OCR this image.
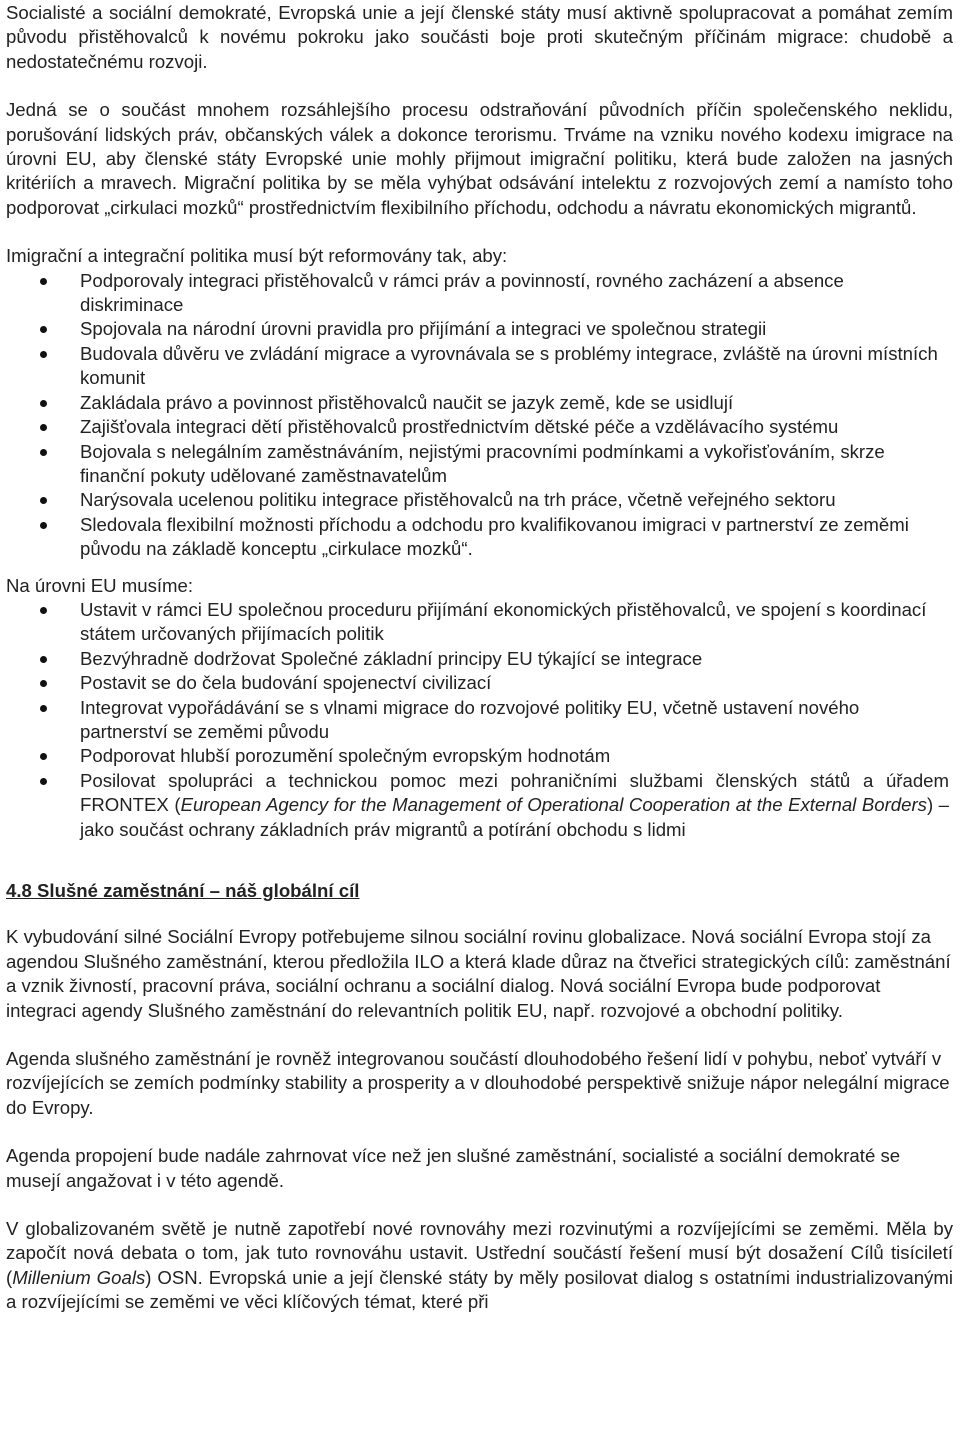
Socialisté a sociální demokraté, Evropská unie a její členské státy musí aktivně spolupracovat a pomáhat zemím původu přistěhovalců k novému pokroku jako součásti boje proti skutečným příčinám migrace: chudobě a nedostatečnému rozvoji.

Jedná se o součást mnohem rozsáhlejšího procesu odstraňování původních příčin společenského neklidu, porušování lidských práv, občanských válek a dokonce terorismu. Trváme na vzniku nového kodexu imigrace na úrovni EU, aby členské státy Evropské unie mohly přijmout imigrační politiku, která bude založen na jasných kritériích a mravech. Migrační politika by se měla vyhýbat odsávání intelektu z rozvojových zemí a namísto toho podporovat „cirkulaci mozků“ prostřednictvím flexibilního příchodu, odchodu a návratu ekonomických migrantů.

Imigrační a integrační politika musí být reformovány tak, aby:

Podporovaly integraci přistěhovalců v rámci práv a povinností, rovného zacházení a absence diskriminace
Spojovala na národní úrovni pravidla pro přijímání a integraci ve společnou strategii
Budovala důvěru ve zvládání migrace a vyrovnávala se s problémy integrace, zvláště na úrovni místních komunit
Zakládala právo a povinnost přistěhovalců naučit se jazyk země, kde se usidlují
Zajišťovala integraci dětí přistěhovalců prostřednictvím dětské péče a vzdělávacího systému
Bojovala s nelegálním zaměstnáváním, nejistými pracovními podmínkami a vykořisťováním, skrze finanční pokuty udělované zaměstnavatelům
Narýsovala ucelenou politiku integrace přistěhovalců na trh práce, včetně veřejného sektoru
Sledovala flexibilní možnosti příchodu a odchodu pro kvalifikovanou imigraci v partnerství ze zeměmi původu na základě konceptu „cirkulace mozků“.

Na úrovni EU musíme:

Ustavit v rámci EU společnou proceduru přijímání ekonomických přistěhovalců, ve spojení s koordinací státem určovaných přijímacích politik
Bezvýhradně dodržovat Společné základní principy EU týkající se integrace
Postavit se do čela budování spojenectví civilizací
Integrovat vypořádávání se s vlnami migrace do rozvojové politiky EU, včetně ustavení nového partnerství se zeměmi původu
Podporovat hlubší porozumění společným evropským hodnotám
Posilovat spolupráci a technickou pomoc mezi pohraničními službami členských států a úřadem FRONTEX (European Agency for the Management of Operational Cooperation at the External Borders) – jako součást ochrany základních práv migrantů a potírání obchodu s lidmi

4.8 Slušné zaměstnání – náš globální cíl

K vybudování silné Sociální Evropy potřebujeme silnou sociální rovinu globalizace. Nová sociální Evropa stojí za agendou Slušného zaměstnání, kterou předložila ILO a která klade důraz na čtveřici strategických cílů: zaměstnání a vznik živností, pracovní práva, sociální ochranu a sociální dialog. Nová sociální Evropa bude podporovat integraci agendy Slušného zaměstnání do relevantních politik EU, např. rozvojové a obchodní politiky.

Agenda slušného zaměstnání je rovněž integrovanou součástí dlouhodobého řešení lidí v pohybu, neboť vytváří v rozvíjejících se zemích podmínky stability a prosperity a v dlouhodobé perspektivě snižuje nápor nelegální migrace do Evropy.

Agenda propojení bude nadále zahrnovat více než jen slušné zaměstnání, socialisté a sociální demokraté se musejí angažovat i v této agendě.

V globalizovaném světě je nutně zapotřebí nové rovnováhy mezi rozvinutými a rozvíjejícími se zeměmi. Měla by započít nová debata o tom, jak tuto rovnováhu ustavit. Ustřední součástí řešení musí být dosažení Cílů tisíciletí (Millenium Goals) OSN. Evropská unie a její členské státy by měly posilovat dialog s ostatními industrializovanými a rozvíjejícími se zeměmi ve věci klíčových témat, které při
